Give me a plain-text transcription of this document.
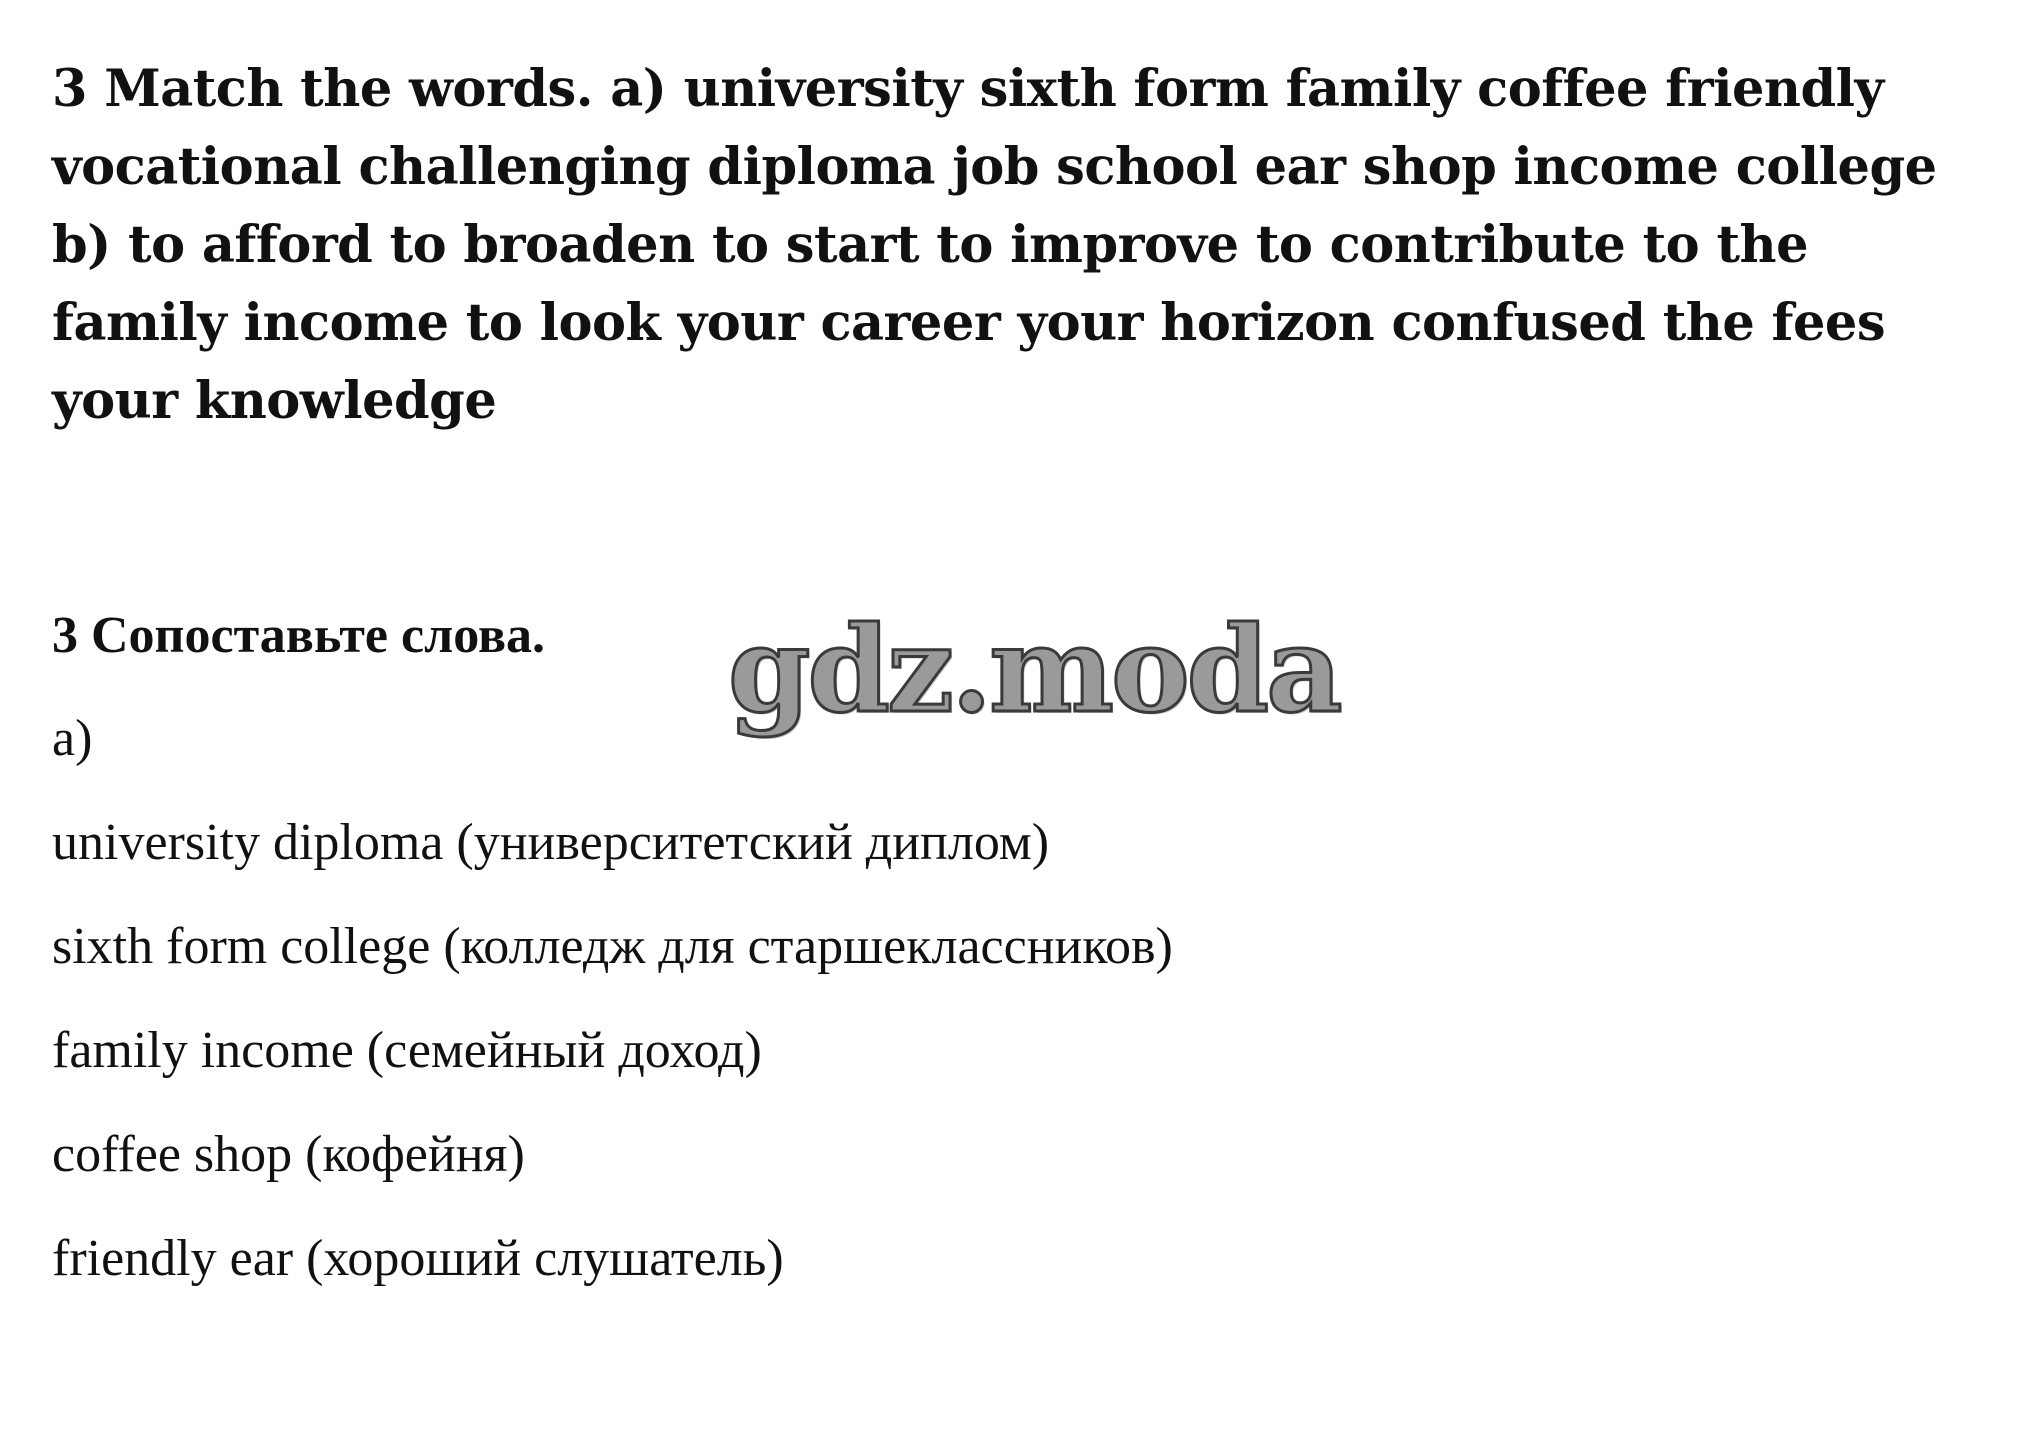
3 Match the words. a) university sixth form family coffee friendly vocational challenging diploma job school ear shop income college b) to afford to broaden to start to improve to contribute to the family income to look your career your horizon confused the fees your knowledge

3 Сопоставьте слова. gdz.moda

a)

university diploma (университетский диплом)
sixth form college (колледж для старшеклассников)
family income (семейный доход)
coffee shop (кофейня)
friendly ear (хороший слушатель)
